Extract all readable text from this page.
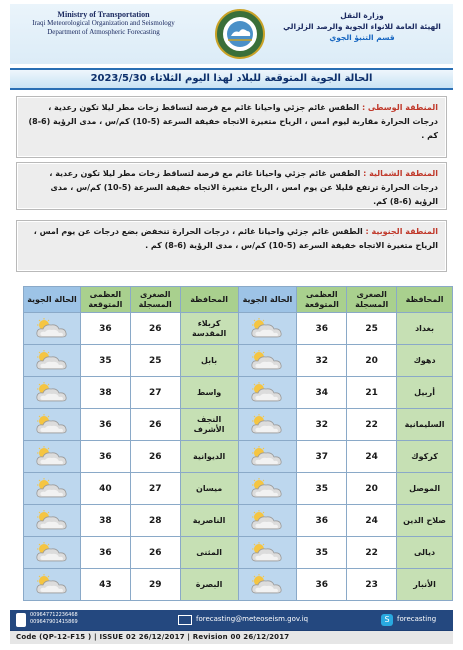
Ministry of Transportation
Iraqi Meteorological Organization and Seismology
Department of Atmospheric Forecasting
وزارة النقل
الهيئة العامة للانواء الجوية والرصد الزلزالي
قسم التنبؤ الجوي
الحالة الجوية المتوقعة للبلاد لهذا اليوم الثلاثاء 2023/5/30
المنطقة الوسطى : الطقس غائم جزئي واحيانا غائم مع فرصة لتساقط زخات مطر ليلا تكون رعدية ، درجات الحرارة مقاربة ليوم امس ، الرياح متغيرة الاتجاه خفيفة السرعة (5-10) كم/س ، مدى الرؤية (6-8) كم .
المنطقة الشمالية : الطقس غائم جزئي واحيانا غائم مع فرصة لتساقط زخات مطر ليلا تكون رعدية ، درجات الحرارة ترتفع قليلا عن يوم امس ، الرياح متغيرة الاتجاه خفيفة السرعة (5-10) كم/س ، مدى الرؤية (6-8) كم.
المنطقة الجنوبية : الطقس غائم جزئي واحيانا غائم ، درجات الحرارة تنخفض بضع درجات عن يوم امس ، الرياح متغيرة الاتجاه خفيفة السرعة (5-10) كم/س ، مدى الرؤية (6-8) كم .
المحافظة	الصغرى المسجلة	العظمى المتوقعة	الحالة الجوية	المحافظة	الصغرى المسجلة	العظمى المتوقعة	الحالة الجوية
بغداد	25	36		كربلاء المقدسة	26	36	
دهوك	20	32		بابل	25	35	
أربيل	21	34		واسط	27	38	
السليمانية	22	32		النجف الأشرف	26	36	
كركوك	24	37		الديوانية	26	36	
الموصل	20	35		ميسان	27	40	
صلاح الدين	24	36		الناصرية	28	38	
ديالى	22	35		المثنى	26	36	
الأنبار	23	36		البصرة	29	43	
009647712236468
009647901415869	forecasting@meteoseism.gov.iq	S	forecasting
Code (QP-12-F15 ) | ISSUE 02 26/12/2017 | Revision 00 26/12/2017
